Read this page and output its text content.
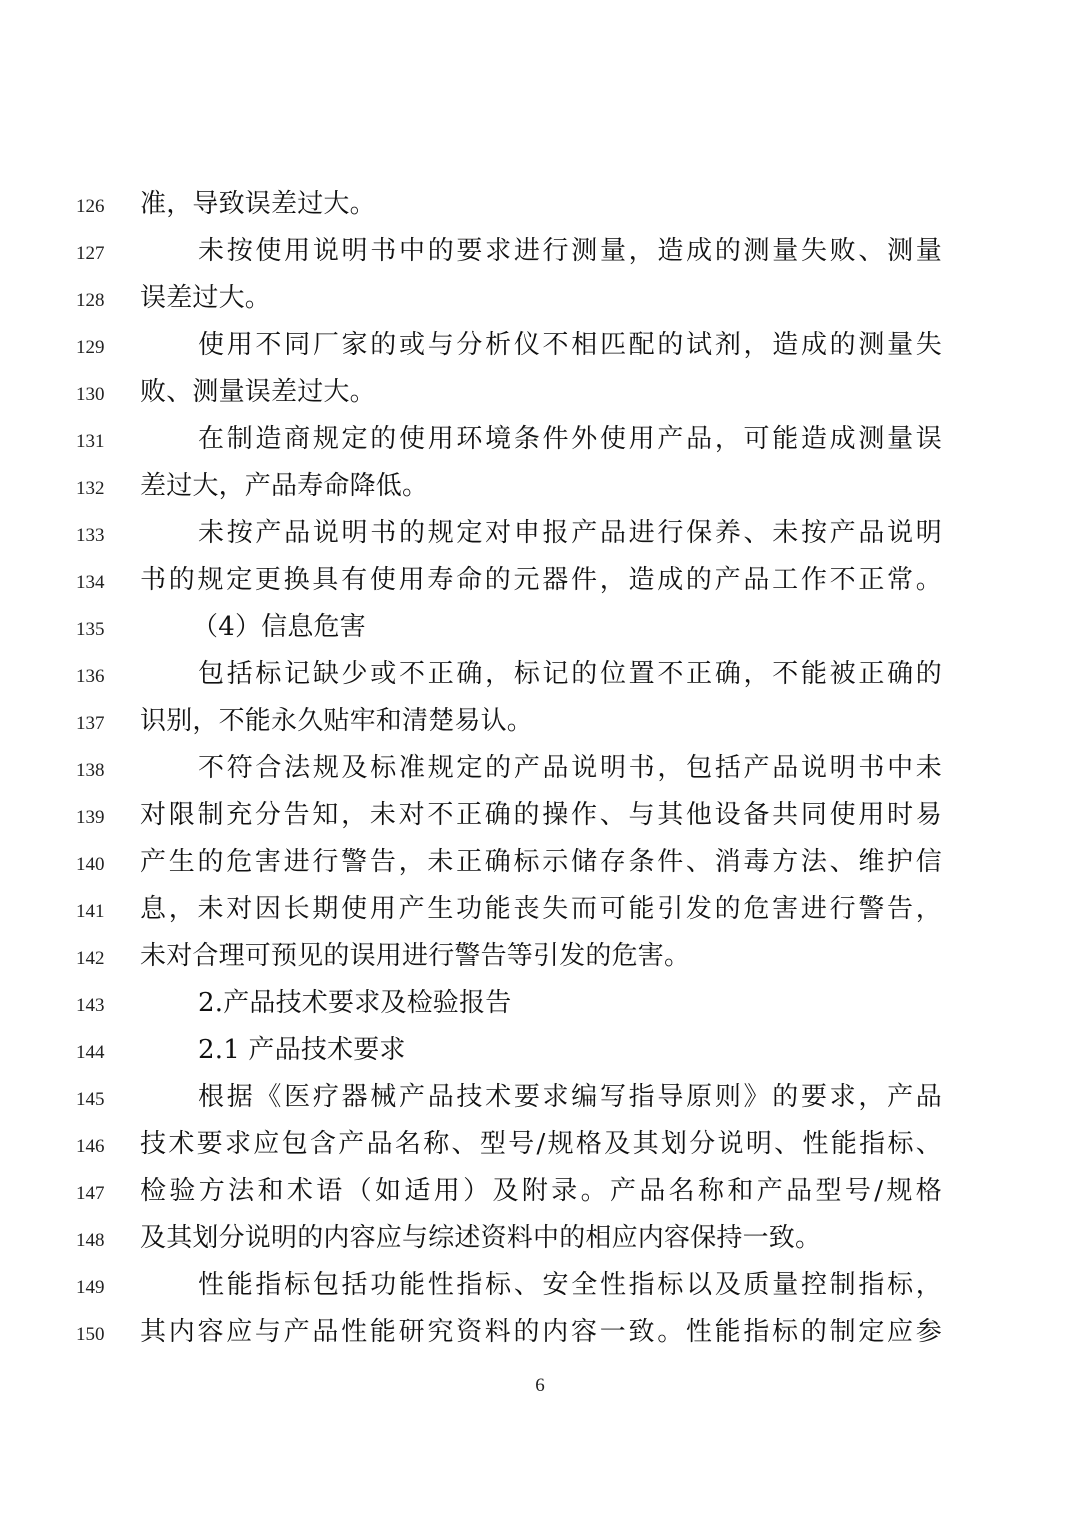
126	准，导致误差过大。
127	未按使用说明书中的要求进行测量，造成的测量失败、测量
128	误差过大。
129	使用不同厂家的或与分析仪不相匹配的试剂，造成的测量失
130	败、测量误差过大。
131	在制造商规定的使用环境条件外使用产品，可能造成测量误
132	差过大，产品寿命降低。
133	未按产品说明书的规定对申报产品进行保养、未按产品说明
134	书的规定更换具有使用寿命的元器件，造成的产品工作不正常。
135	（4）信息危害
136	包括标记缺少或不正确，标记的位置不正确，不能被正确的
137	识别，不能永久贴牢和清楚易认。
138	不符合法规及标准规定的产品说明书，包括产品说明书中未
139	对限制充分告知，未对不正确的操作、与其他设备共同使用时易
140	产生的危害进行警告，未正确标示储存条件、消毒方法、维护信
141	息，未对因长期使用产生功能丧失而可能引发的危害进行警告，
142	未对合理可预见的误用进行警告等引发的危害。
143	2.产品技术要求及检验报告
144	2.1 产品技术要求
145	根据《医疗器械产品技术要求编写指导原则》的要求，产品
146	技术要求应包含产品名称、型号/规格及其划分说明、性能指标、
147	检验方法和术语（如适用）及附录。产品名称和产品型号/规格
148	及其划分说明的内容应与综述资料中的相应内容保持一致。
149	性能指标包括功能性指标、安全性指标以及质量控制指标，
150	其内容应与产品性能研究资料的内容一致。性能指标的制定应参
6
